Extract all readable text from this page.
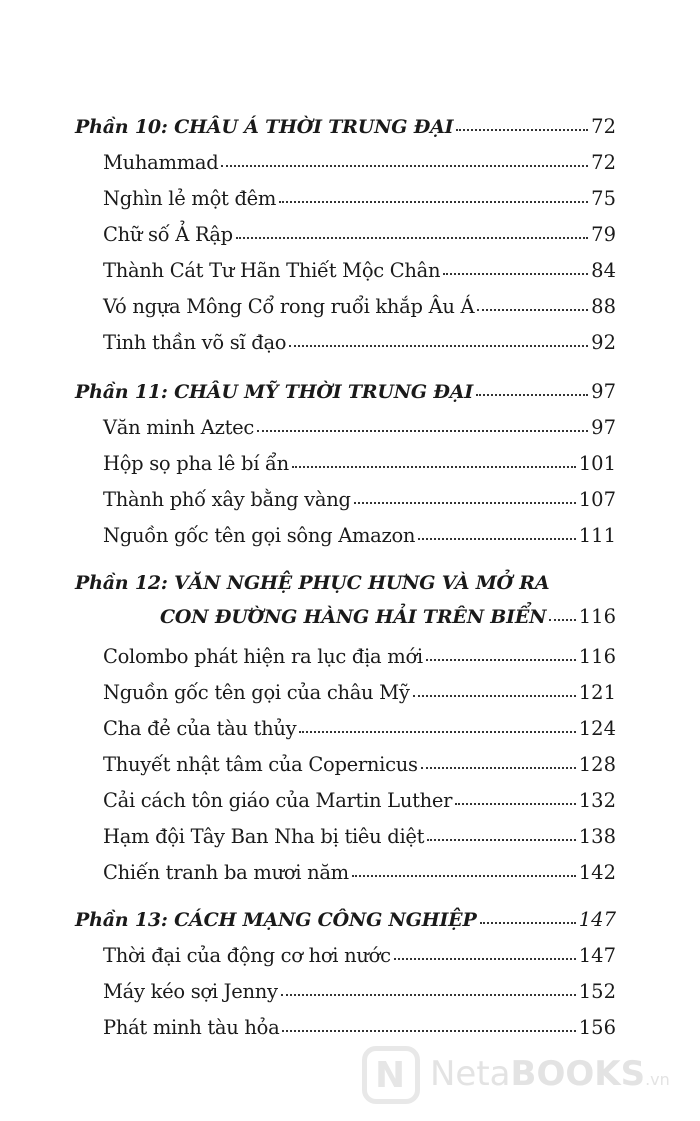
Phần 10: CHÂU Á THỜI TRUNG ĐẠI	72
Muhammad	72
Nghìn lẻ một đêm	75
Chữ số Ả Rập	79
Thành Cát Tư Hãn Thiết Mộc Chân	84
Vó ngựa Mông Cổ rong ruổi khắp Âu Á	88
Tinh thần võ sĩ đạo	92
Phần 11: CHÂU MỸ THỜI TRUNG ĐẠI	97
Văn minh Aztec	97
Hộp sọ pha lê bí ẩn	101
Thành phố xây bằng vàng	107
Nguồn gốc tên gọi sông Amazon	111
Phần 12: VĂN NGHỆ PHỤC HƯNG VÀ MỞ RA
CON ĐƯỜNG HÀNG HẢI TRÊN BIỂN 116
Colombo phát hiện ra lục địa mới	116
Nguồn gốc tên gọi của châu Mỹ	121
Cha đẻ của tàu thủy	124
Thuyết nhật tâm của Copernicus	128
Cải cách tôn giáo của Martin Luther	132
Hạm đội Tây Ban Nha bị tiêu diệt	138
Chiến tranh ba mươi năm	142
Phần 13: CÁCH MẠNG CÔNG NGHIỆP	147
Thời đại của động cơ hơi nước	147
Máy kéo sợi Jenny	152
Phát minh tàu hỏa	156
N NetaBOOKS.vn
